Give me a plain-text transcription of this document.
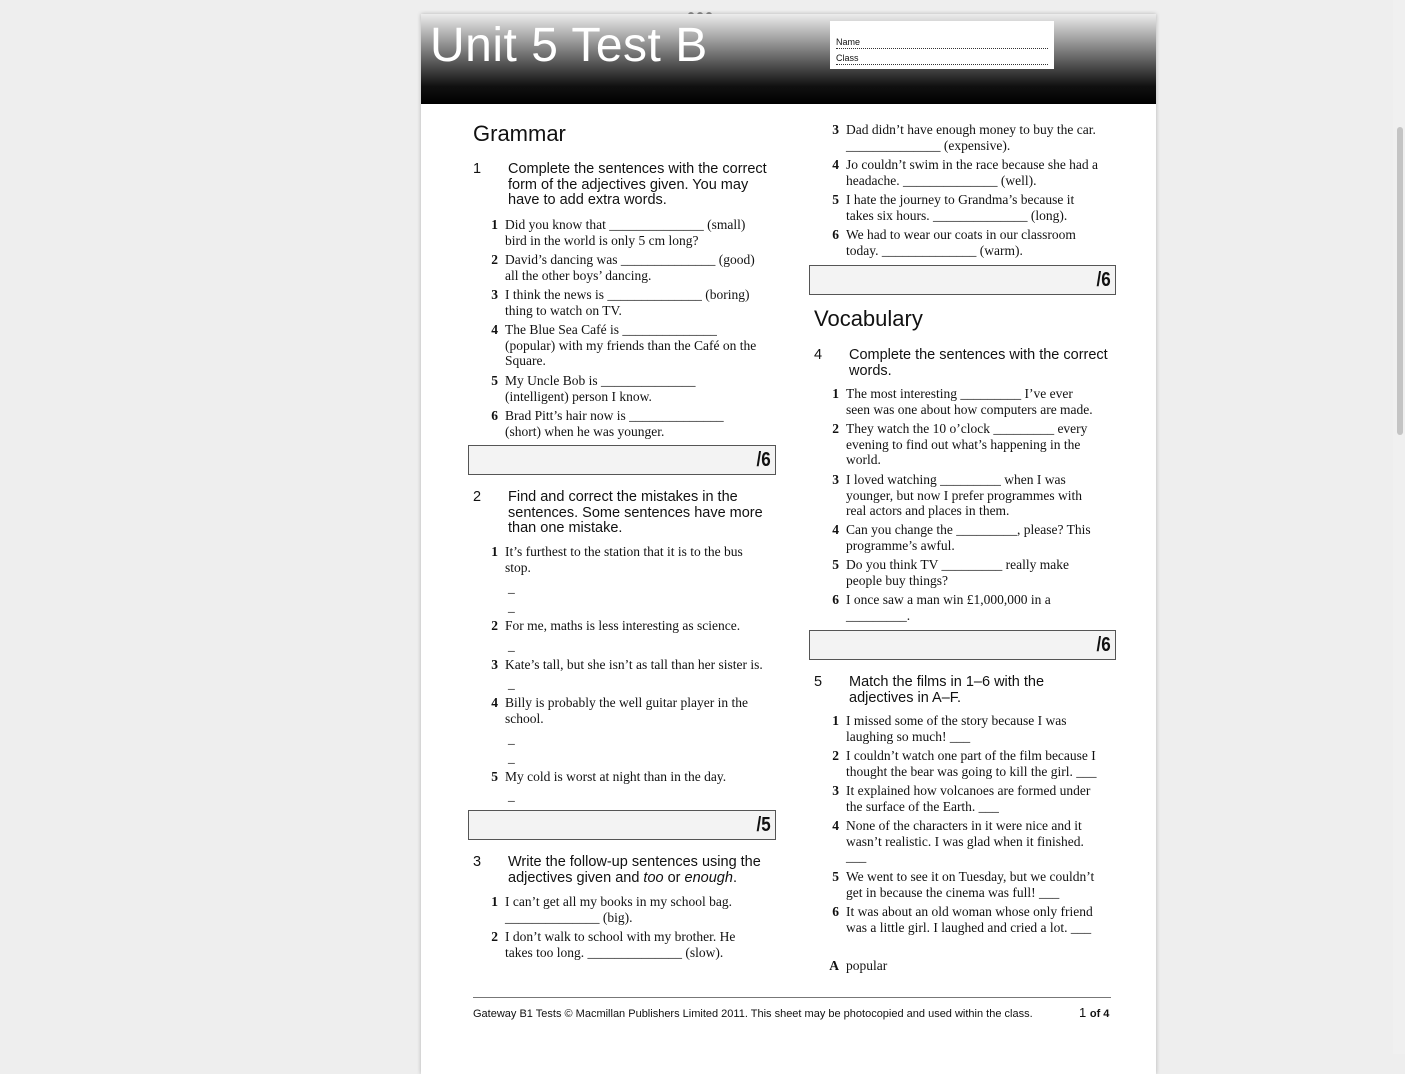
Unit 5 Test B	Name
Class
Grammar
1 Complete the sentences with the correct form of the adjectives given. You may have to add extra words.
1 Did you know that ______________ (small)
bird in the world is only 5 cm long?
2 David’s dancing was ______________ (good)
all the other boys’ dancing.
3 I think the news is ______________ (boring)
thing to watch on TV.
4 The Blue Sea Café is ______________
(popular) with my friends than the Café on the
Square.
5 My Uncle Bob is ______________
(intelligent) person I know.
6 Brad Pitt’s hair now is ______________
(short) when he was younger.
/6
2 Find and correct the mistakes in the sentences. Some sentences have more than one mistake.
1 It’s furthest to the station that it is to the bus
stop.
_
_
2 For me, maths is less interesting as science.
_
3 Kate’s tall, but she isn’t as tall than her sister is.
_
4 Billy is probably the well guitar player in the
school.
_
_
5 My cold is worst at night than in the day.
_
/5
3 Write the follow-up sentences using the adjectives given and too or enough.
1 I can’t get all my books in my school bag.
______________ (big).
2 I don’t walk to school with my brother. He
takes too long. ______________ (slow).
3 Dad didn’t have enough money to buy the car.
______________ (expensive).
4 Jo couldn’t swim in the race because she had a
headache. ______________ (well).
5 I hate the journey to Grandma’s because it
takes six hours. ______________ (long).
6 We had to wear our coats in our classroom
today. ______________ (warm).
/6
Vocabulary
4 Complete the sentences with the correct words.
1 The most interesting _________ I’ve ever
seen was one about how computers are made.
2 They watch the 10 o’clock _________ every
evening to find out what’s happening in the
world.
3 I loved watching _________ when I was
younger, but now I prefer programmes with
real actors and places in them.
4 Can you change the _________, please? This
programme’s awful.
5 Do you think TV _________ really make
people buy things?
6 I once saw a man win £1,000,000 in a
_________.
/6
5 Match the films in 1–6 with the adjectives in A–F.
1 I missed some of the story because I was
laughing so much! ___
2 I couldn’t watch one part of the film because I
thought the bear was going to kill the girl. ___
3 It explained how volcanoes are formed under
the surface of the Earth. ___
4 None of the characters in it were nice and it
wasn’t realistic. I was glad when it finished.
___
5 We went to see it on Tuesday, but we couldn’t
get in because the cinema was full! ___
6 It was about an old woman whose only friend
was a little girl. I laughed and cried a lot. ___
A popular
Gateway B1 Tests © Macmillan Publishers Limited 2011. This sheet may be photocopied and used within the class.	1 of 4
